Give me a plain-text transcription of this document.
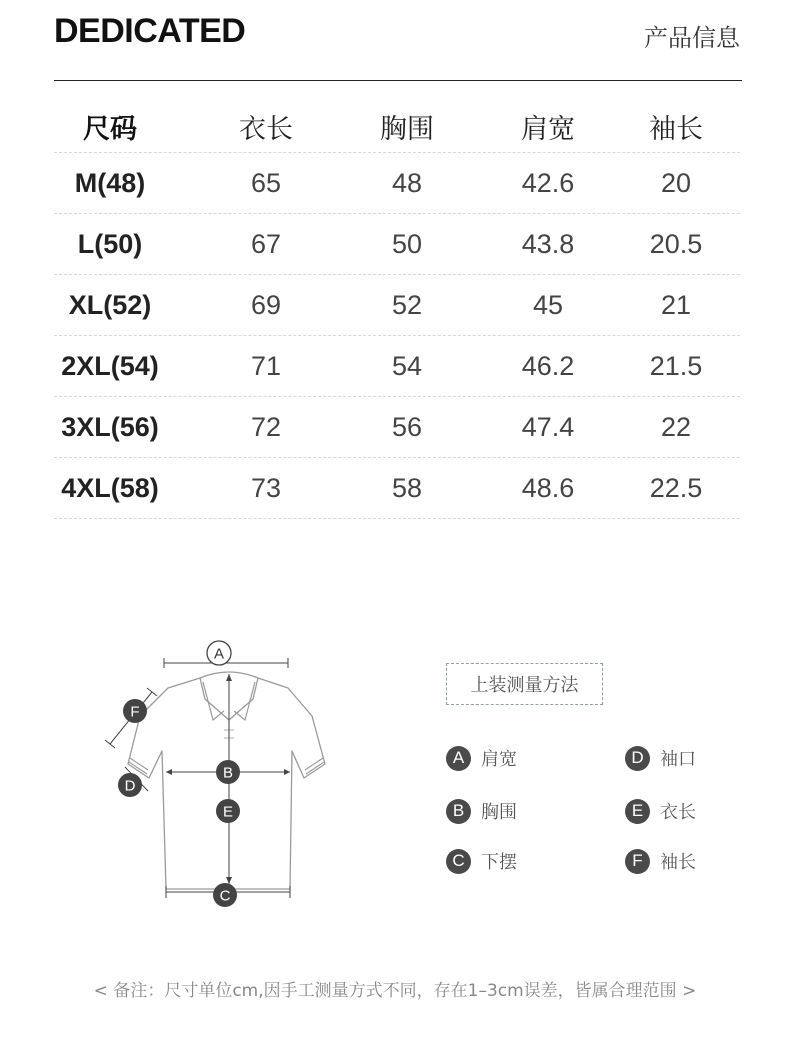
DEDICATED	产品信息
尺码	衣长	胸围	肩宽	袖长
M(48)	65	48	42.6	20
L(50)	67	50	43.8	20.5
XL(52)	69	52	45	21
2XL(54)	71	54	46.2	21.5
3XL(56)	72	56	47.4	22
4XL(58)	73	58	48.6	22.5
A
F
D
B
E
C
上装测量方法
A 肩宽	D 袖口
B 胸围	E 衣长
C 下摆	F 袖长
< 备注：尺寸单位cm,因手工测量方式不同，存在1–3cm误差，皆属合理范围 >
